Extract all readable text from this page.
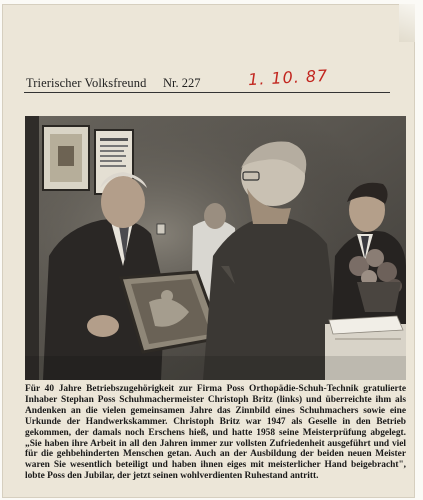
Trierischer Volksfreund Nr. 227	1. 10. 87
Für 40 Jahre Betriebszugehörigkeit zur Firma Poss Orthopädie-Schuh-Technik gratulierte Inhaber Stephan Poss Schuhmachermeister Christoph Britz (links) und überreichte ihm als Andenken an die vielen gemeinsamen Jahre das Zinnbild eines Schuhmachers sowie eine Urkunde der Handwerkskammer. Christoph Britz war 1947 als Geselle in den Betrieb gekommen, der damals noch Erschens hieß, und hatte 1958 seine Meisterprüfung abgelegt. „Sie haben ihre Arbeit in all den Jahren immer zur vollsten Zufriedenheit ausgeführt und viel für die gehbehinderten Menschen getan. Auch an der Ausbildung der beiden neuen Meister waren Sie wesentlich beteiligt und haben ihnen eiges mit meisterlicher Hand beigebracht", lobte Poss den Jubilar, der jetzt seinen wohlverdienten Ruhestand antritt.
